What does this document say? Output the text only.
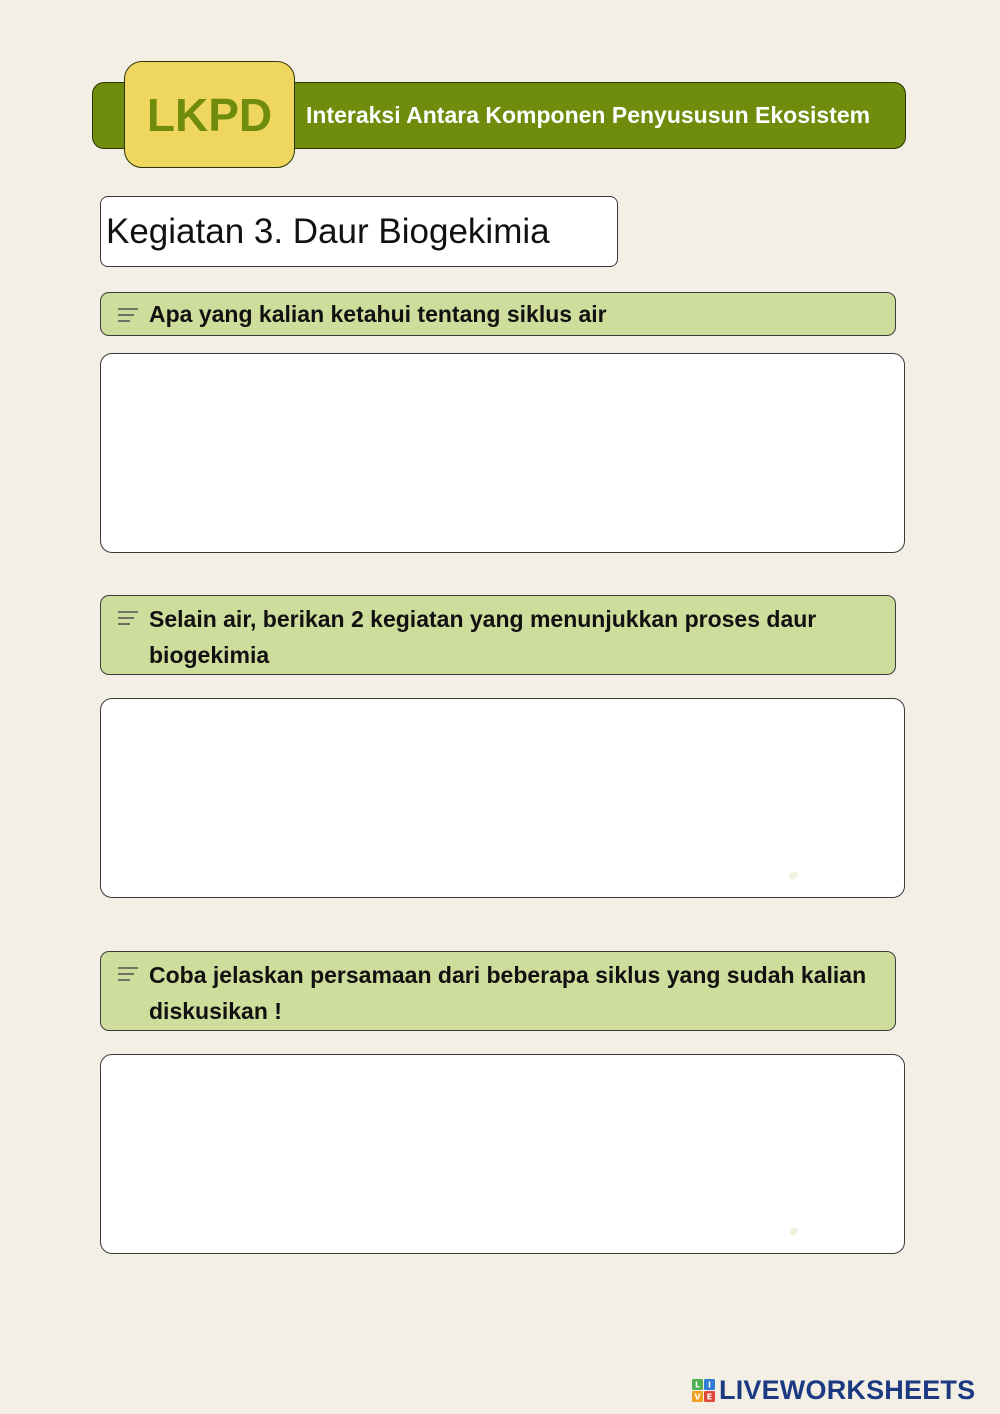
Interaksi Antara Komponen Penyususun Ekosistem
LKPD
Kegiatan 3. Daur Biogekimia
Apa yang kalian ketahui tentang siklus air
Selain air, berikan 2 kegiatan yang menunjukkan proses daur biogekimia
Coba jelaskan persamaan dari beberapa siklus yang sudah kalian diskusikan !
L I
V E LIVEWORKSHEETS
